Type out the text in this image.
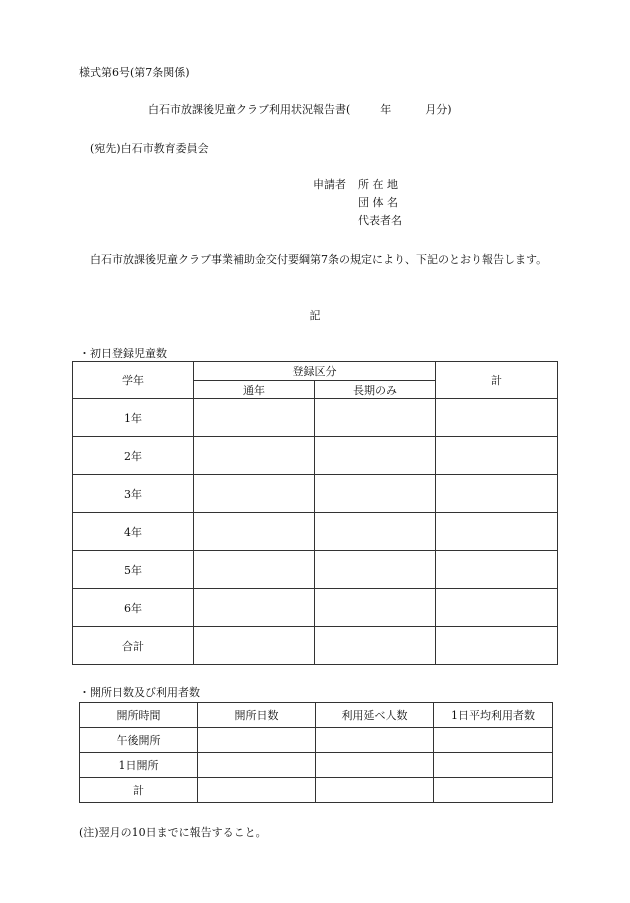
様式第6号(第7条関係)
白石市放課後児童クラブ利用状況報告書(	年	月分)
(宛先)白石市教育委員会
申請者 所 在 地
団 体 名
代表者名
白石市放課後児童クラブ事業補助金交付要綱第7条の規定により、下記のとおり報告します。
記
・初日登録児童数
学年	登録区分		計
	通年	長期のみ	
1年			
2年			
3年			
4年			
5年			
6年			
合計			
・開所日数及び利用者数
開所時間	開所日数	利用延べ人数	1日平均利用者数
午後開所			
1日開所			
計			
(注)翌月の10日までに報告すること。
